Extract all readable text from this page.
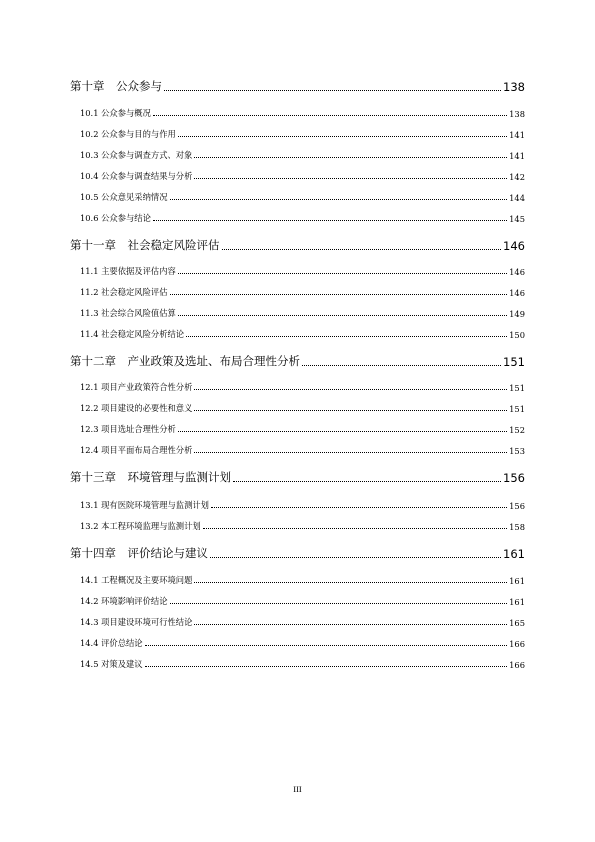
第十章　公众参与	138
10.1 公众参与概况	138
10.2 公众参与目的与作用	141
10.3 公众参与调查方式、对象	141
10.4 公众参与调查结果与分析	142
10.5 公众意见采纳情况	144
10.6 公众参与结论	145
第十一章　社会稳定风险评估	146
11.1 主要依据及评估内容	146
11.2 社会稳定风险评估	146
11.3 社会综合风险值估算	149
11.4 社会稳定风险分析结论	150
第十二章　产业政策及选址、布局合理性分析	151
12.1 项目产业政策符合性分析	151
12.2 项目建设的必要性和意义	151
12.3 项目选址合理性分析	152
12.4 项目平面布局合理性分析	153
第十三章　环境管理与监测计划	156
13.1 现有医院环境管理与监测计划	156
13.2 本工程环境监理与监测计划	158
第十四章　评价结论与建议	161
14.1 工程概况及主要环境问题	161
14.2 环境影响评价结论	161
14.3 项目建设环境可行性结论	165
14.4 评价总结论	166
14.5 对策及建议	166
III
